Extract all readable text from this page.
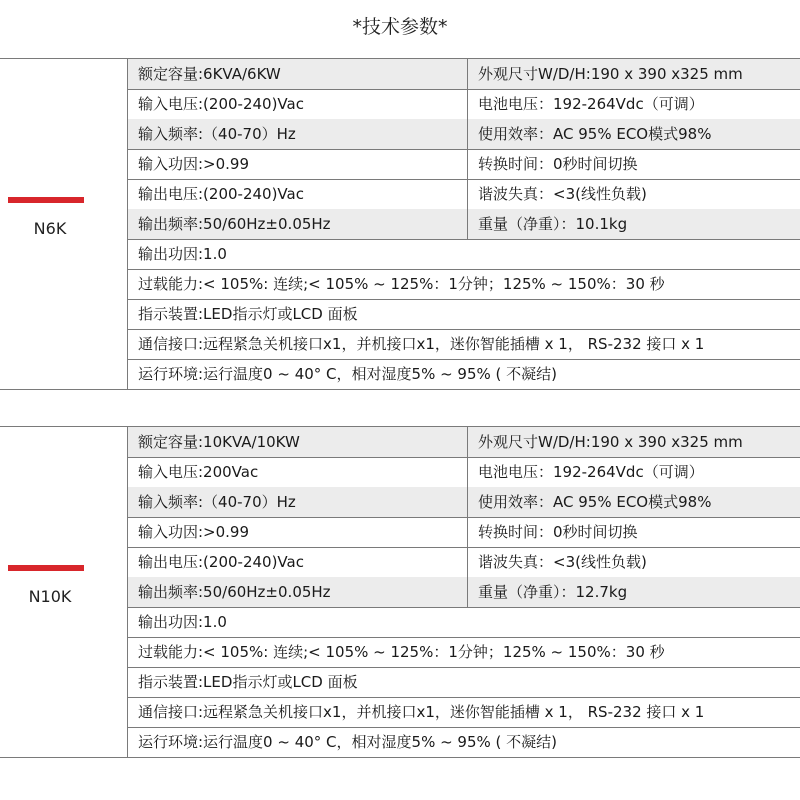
*技术参数*
N6K
额定容量:6KVA/6KW	外观尺寸W/D/H:190 x 390 x325 mm
输入电压:(200-240)Vac	电池电压：192-264Vdc（可调）
输入频率:（40-70）Hz	使用效率：AC 95% ECO模式98%
输入功因:>0.99	转换时间：0秒时间切换
输出电压:(200-240)Vac	谐波失真：<3(线性负载)
输出频率:50/60Hz±0.05Hz	重量（净重）：10.1kg
输出功因:1.0
过载能力:< 105%: 连续;< 105% ~ 125%：1分钟；125% ~ 150%：30 秒
指示装置:LED指示灯或LCD 面板
通信接口:远程紧急关机接口x1，并机接口x1，迷你智能插槽 x 1， RS-232 接口 x 1
运行环境:运行温度0 ~ 40° C，相对湿度5% ~ 95% ( 不凝结)
N10K
额定容量:10KVA/10KW	外观尺寸W/D/H:190 x 390 x325 mm
输入电压:200Vac	电池电压：192-264Vdc（可调）
输入频率:（40-70）Hz	使用效率：AC 95% ECO模式98%
输入功因:>0.99	转换时间：0秒时间切换
输出电压:(200-240)Vac	谐波失真：<3(线性负载)
输出频率:50/60Hz±0.05Hz	重量（净重）：12.7kg
输出功因:1.0
过载能力:< 105%: 连续;< 105% ~ 125%：1分钟；125% ~ 150%：30 秒
指示装置:LED指示灯或LCD 面板
通信接口:远程紧急关机接口x1，并机接口x1，迷你智能插槽 x 1， RS-232 接口 x 1
运行环境:运行温度0 ~ 40° C，相对湿度5% ~ 95% ( 不凝结)
